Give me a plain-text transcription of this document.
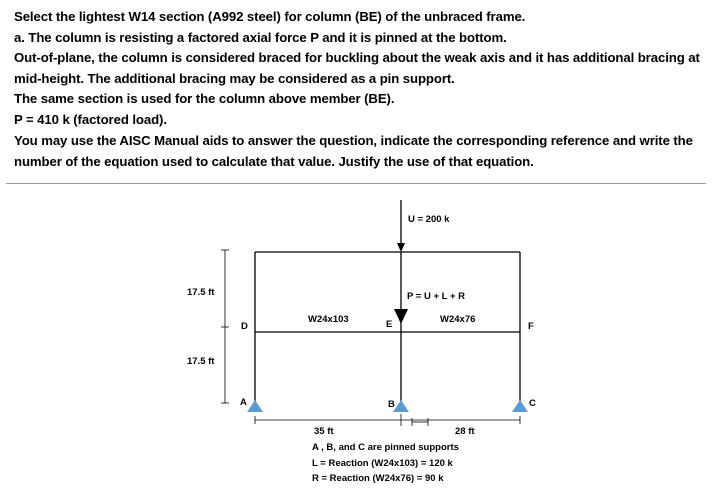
Select the lightest W14 section (A992 steel) for column (BE) of the unbraced frame.
a. The column is resisting a factored axial force P and it is pinned at the bottom.
Out-of-plane, the column is considered braced for buckling about the weak axis and it has additional bracing at mid-height. The additional bracing may be considered as a pin support.
The same section is used for the column above member (BE).
P = 410 k (factored load).
You may use the AISC Manual aids to answer the question, indicate the corresponding reference and write the number of the equation used to calculate that value. Justify the use of that equation.
U = 200 k
P = U + L + R
17.5 ft
17.5 ft
W24x103	W24x76
D	E	F
A	B	C
35 ft	28 ft
A , B, and C are pinned supports
L = Reaction (W24x103) = 120 k
R = Reaction (W24x76) = 90 k
